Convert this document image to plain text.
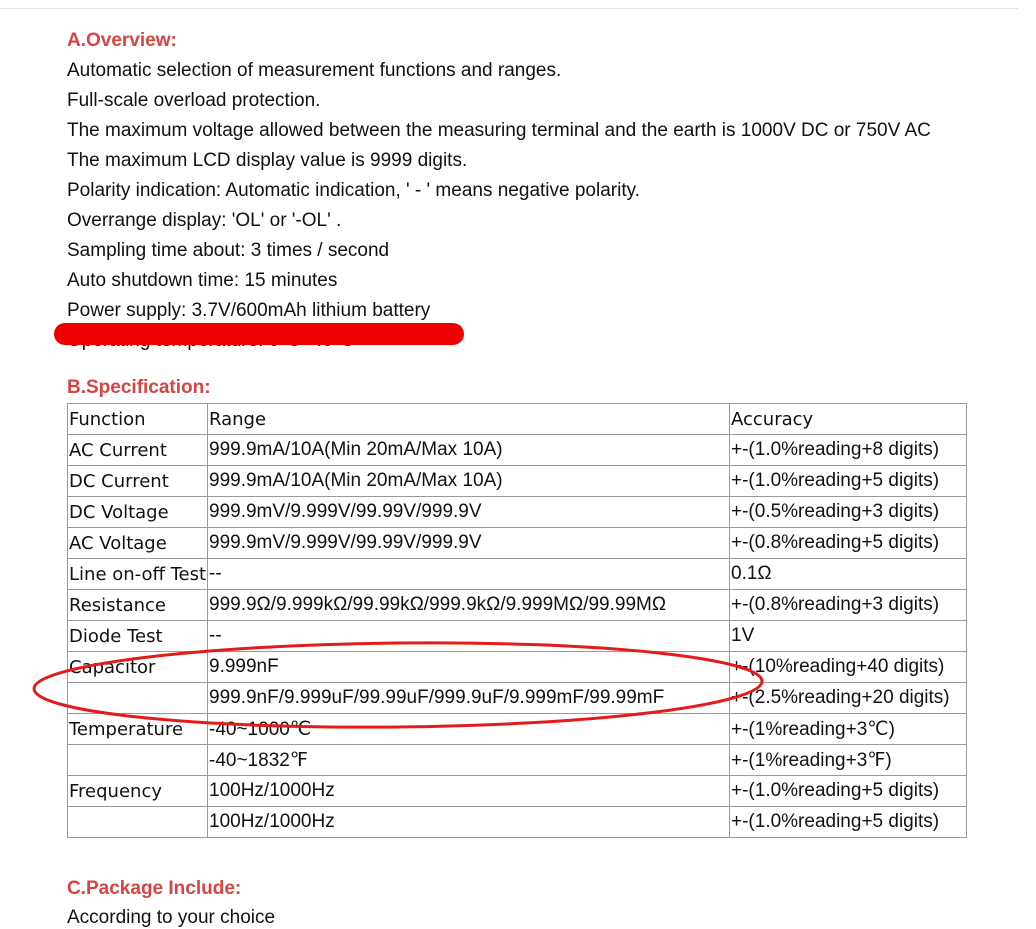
A.Overview:

Automatic selection of measurement functions and ranges.

Full-scale overload protection.

The maximum voltage allowed between the measuring terminal and the earth is 1000V DC or 750V AC

The maximum LCD display value is 9999 digits.

Polarity indication: Automatic indication, ' - ' means negative polarity.

Overrange display: 'OL' or '-OL' .

Sampling time about: 3 times / second

Auto shutdown time: 15 minutes

Power supply: 3.7V/600mAh lithium battery

B.Specification:
Function	Range	Accuracy
AC Current	999.9mA/10A(Min 20mA/Max 10A)	+-(1.0%reading+8 digits)
DC Current	999.9mA/10A(Min 20mA/Max 10A)	+-(1.0%reading+5 digits)
DC Voltage	999.9mV/9.999V/99.99V/999.9V	+-(0.5%reading+3 digits)
AC Voltage	999.9mV/9.999V/99.99V/999.9V	+-(0.8%reading+5 digits)
Line on-off Test	--	0.1Ω
Resistance	999.9Ω/9.999kΩ/99.99kΩ/999.9kΩ/9.999MΩ/99.99MΩ	+-(0.8%reading+3 digits)
Diode Test	--	1V
Capacitor	9.999nF	+-(10%reading+40 digits)
	999.9nF/9.999uF/99.99uF/999.9uF/9.999mF/99.99mF	+-(2.5%reading+20 digits)
Temperature	-40~1000℃	+-(1%reading+3℃)
	-40~1832℉	+-(1%reading+3℉)
Frequency	100Hz/1000Hz	+-(1.0%reading+5 digits)
	100Hz/1000Hz	+-(1.0%reading+5 digits)
C.Package Include:

According to your choice
